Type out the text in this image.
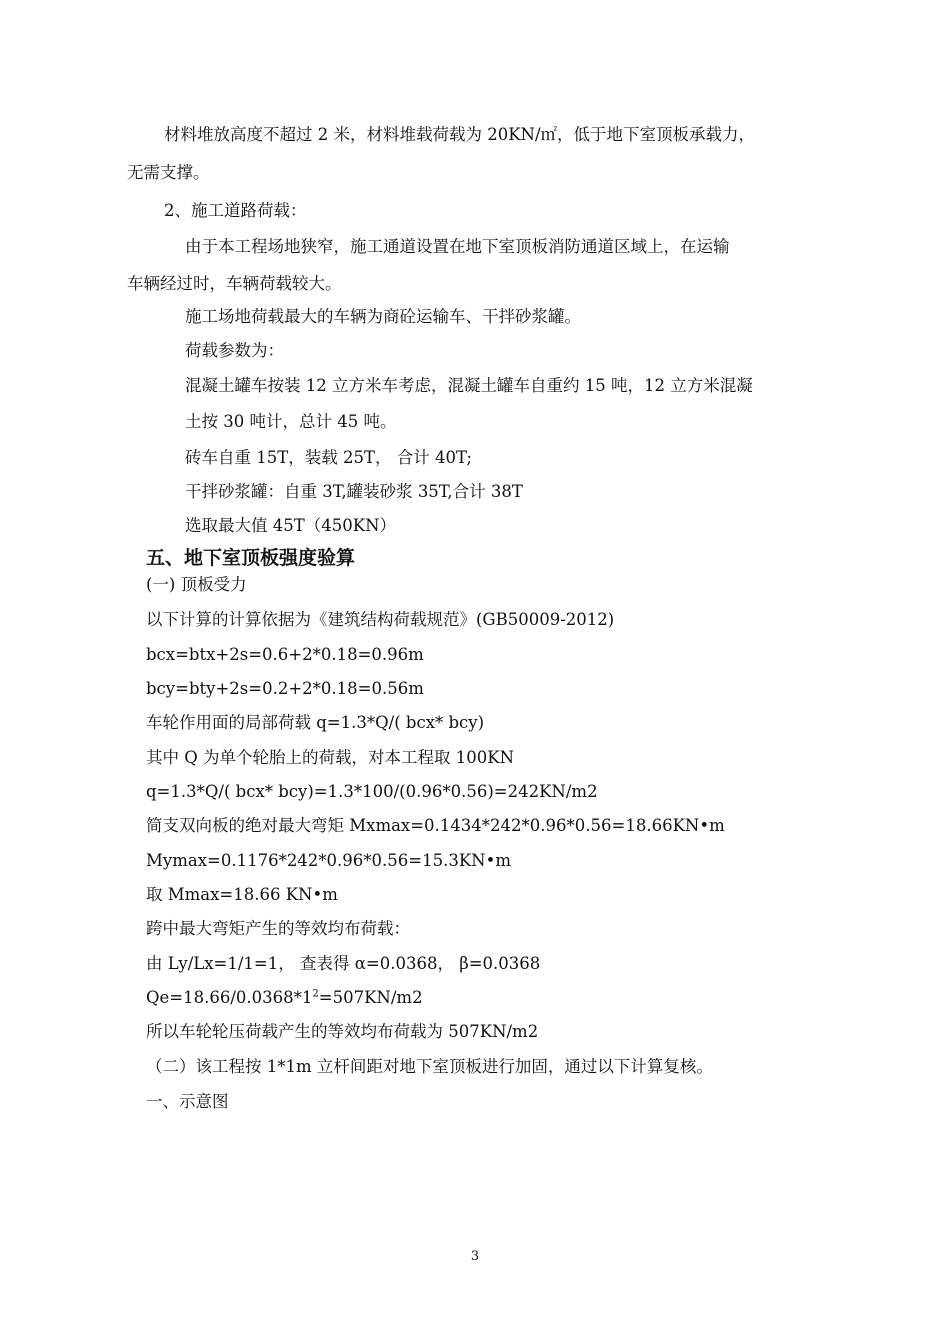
材料堆放高度不超过 2 米，材料堆载荷载为 20KN/㎡，低于地下室顶板承载力，
无需支撑。
2、施工道路荷载：
由于本工程场地狭窄，施工通道设置在地下室顶板消防通道区域上，在运输
车辆经过时，车辆荷载较大。
施工场地荷载最大的车辆为商砼运输车、干拌砂浆罐。
荷载参数为：
混凝土罐车按装 12 立方米车考虑，混凝土罐车自重约 15 吨，12 立方米混凝
土按 30 吨计，总计 45 吨。
砖车自重 15T，装载 25T， 合计 40T;
干拌砂浆罐：自重 3T,罐装砂浆 35T,合计 38T
选取最大值 45T（450KN）
五、地下室顶板强度验算
(一) 顶板受力
以下计算的计算依据为《建筑结构荷载规范》(GB50009-2012)
bcx=btx+2s=0.6+2*0.18=0.96m
bcy=bty+2s=0.2+2*0.18=0.56m
车轮作用面的局部荷载 q=1.3*Q/( bcx* bcy)
其中 Q 为单个轮胎上的荷载，对本工程取 100KN
q=1.3*Q/( bcx* bcy)=1.3*100/(0.96*0.56)=242KN/m2
简支双向板的绝对最大弯矩 Mxmax=0.1434*242*0.96*0.56=18.66KN•m
Mymax=0.1176*242*0.96*0.56=15.3KN•m
取 Mmax=18.66 KN•m
跨中最大弯矩产生的等效均布荷载：
由 Ly/Lx=1/1=1， 查表得 α=0.0368， β=0.0368
$Qe=18.66/0.0368*1^2=507KN/m2$
所以车轮轮压荷载产生的等效均布荷载为 507KN/m2
（二）该工程按 1*1m 立杆间距对地下室顶板进行加固，通过以下计算复核。
一、示意图
3
